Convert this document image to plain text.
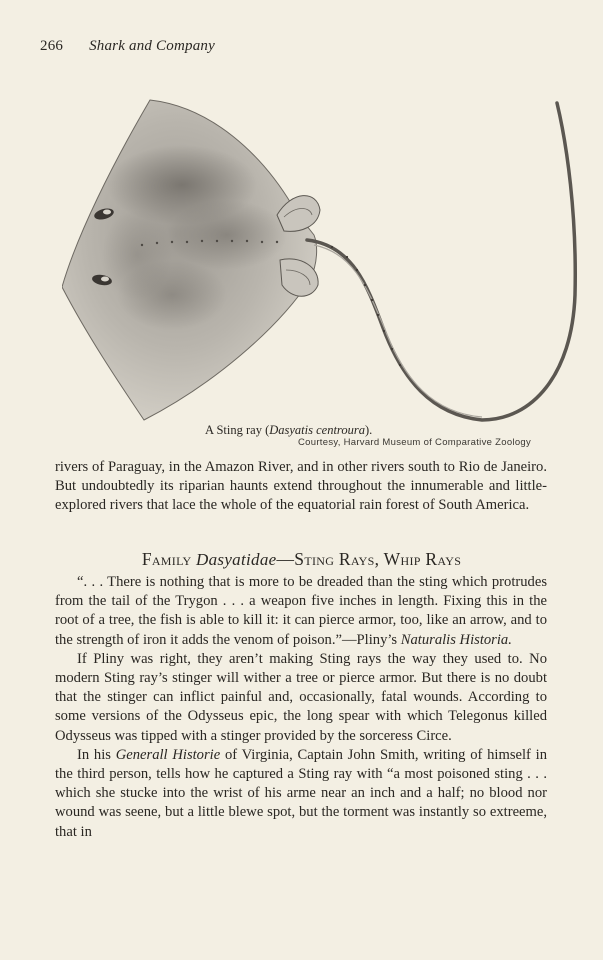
266 Shark and Company
A Sting ray (Dasyatis centroura).
Courtesy, Harvard Museum of Comparative Zoology

rivers of Paraguay, in the Amazon River, and in other rivers south to Rio de Janeiro. But undoubtedly its riparian haunts extend throughout the innumerable and little-explored rivers that lace the whole of the equatorial rain forest of South America.

Family Dasyatidae—Sting Rays, Whip Rays

“. . . There is nothing that is more to be dreaded than the sting which protrudes from the tail of the Trygon . . . a weapon five inches in length. Fixing this in the root of a tree, the fish is able to kill it: it can pierce armor, too, like an arrow, and to the strength of iron it adds the venom of poison.”—Pliny’s Naturalis Historia.

If Pliny was right, they aren’t making Sting rays the way they used to. No modern Sting ray’s stinger will wither a tree or pierce armor. But there is no doubt that the stinger can inflict painful and, occasionally, fatal wounds. According to some versions of the Odysseus epic, the long spear with which Telegonus killed Odysseus was tipped with a stinger provided by the sorceress Circe.

In his Generall Historie of Virginia, Captain John Smith, writing of himself in the third person, tells how he captured a Sting ray with “a most poisoned sting . . . which she stucke into the wrist of his arme near an inch and a half; no blood nor wound was seene, but a little blewe spot, but the torment was instantly so extreeme, that in
